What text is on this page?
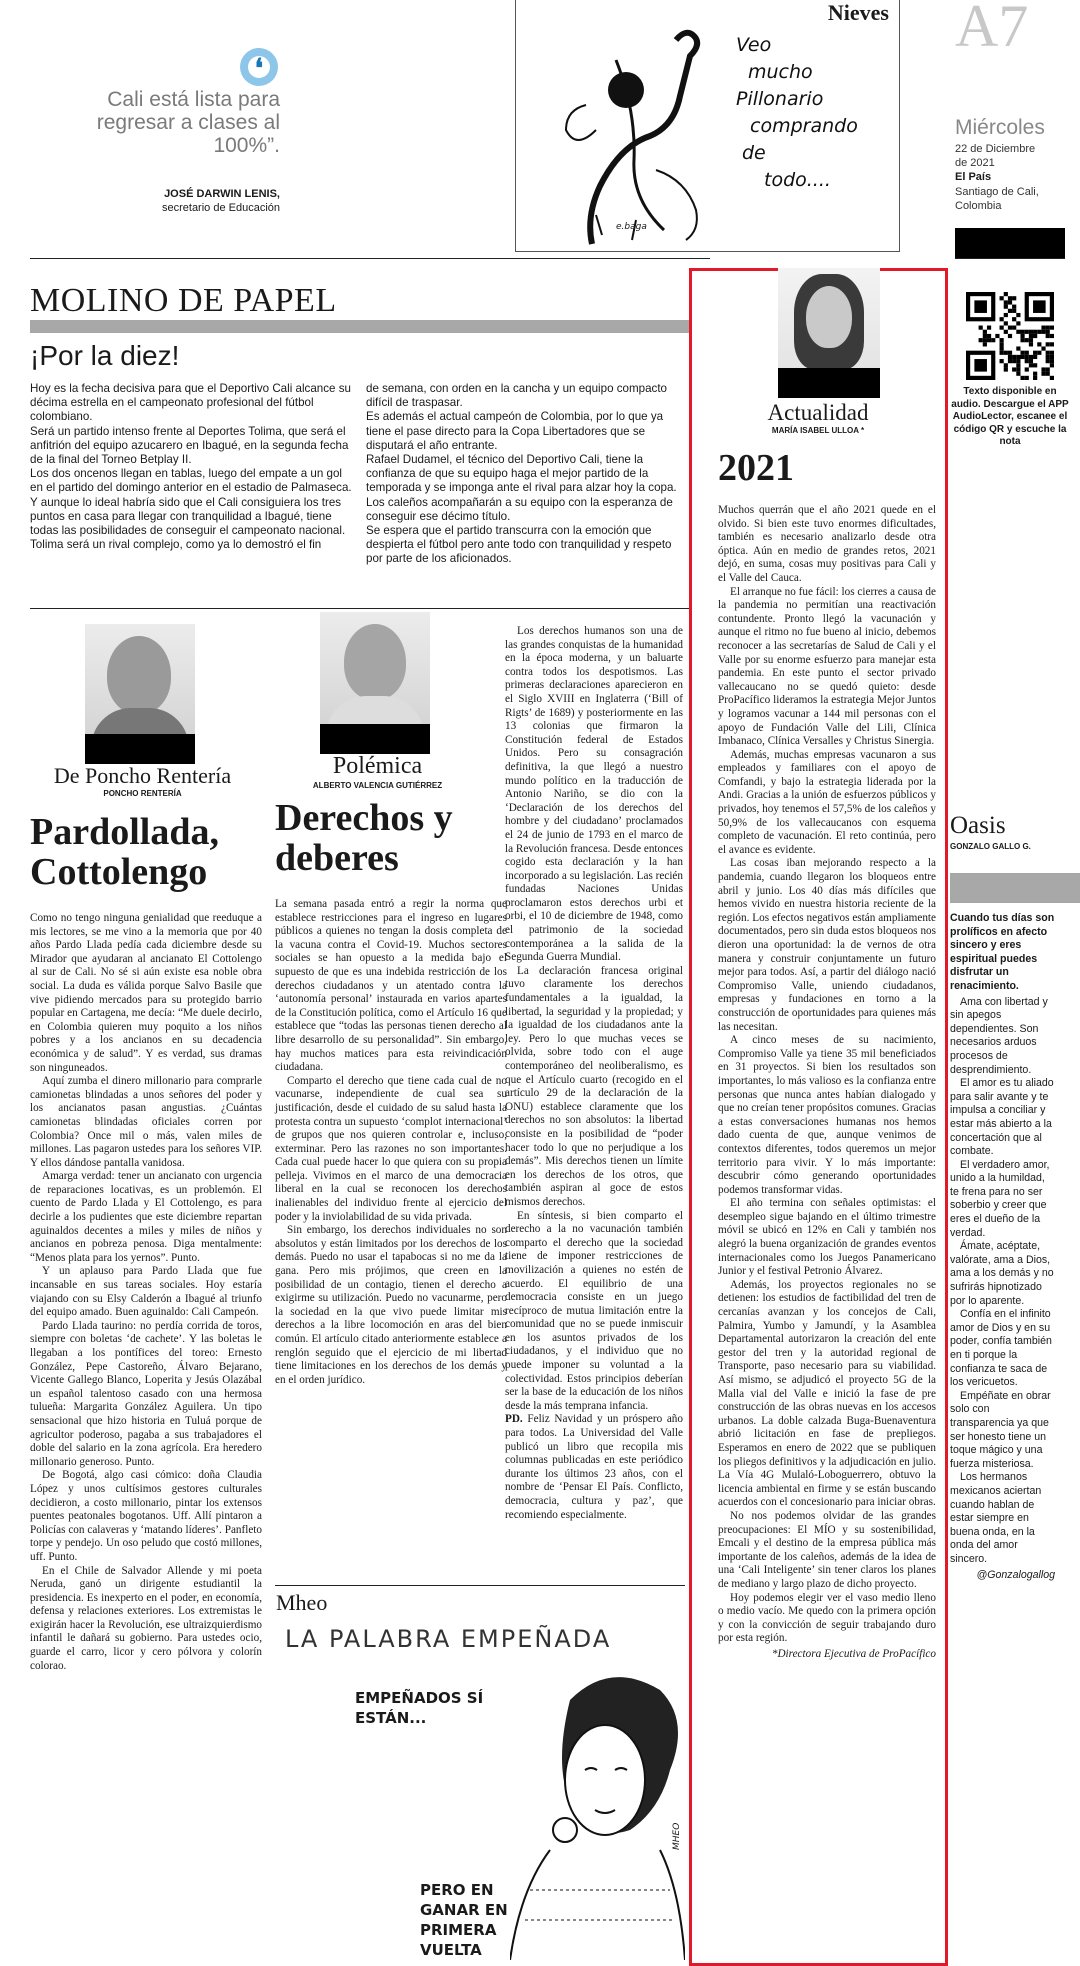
❛
Cali está lista para regresar a clases al 100%”.
JOSÉ DARWIN LENIS,
secretario de Educación
Nieves
Veo
mucho
Pillonario
comprando
de
todo....
e.baga
A7
Miércoles
22 de Diciembre
de 2021
El País
Santiago de Cali,
Colombia
Texto disponible en audio. Descargue el APP AudioLector, escanee el código QR y escuche la nota
MOLINO DE PAPEL
¡Por la diez!
Hoy es la fecha decisiva para que el Deportivo Cali alcance su décima estrella en el campeonato profesional del fútbol colombiano.
Será un partido intenso frente al Deportes Tolima, que será el anfitrión del equipo azucarero en Ibagué, en la segunda fecha de la final del Torneo Betplay II.
Los dos oncenos llegan en tablas, luego del empate a un gol en el partido del domingo anterior en el estadio de Palmaseca.
Y aunque lo ideal habría sido que el Cali consiguiera los tres puntos en casa para llegar con tranquilidad a Ibagué, tiene todas las posibilidades de conseguir el campeonato nacional.
Tolima será un rival complejo, como ya lo demostró el fin
de semana, con orden en la cancha y un equipo compacto difícil de traspasar.
Es además el actual campeón de Colombia, por lo que ya tiene el pase directo para la Copa Libertadores que se disputará el año entrante.
Rafael Dudamel, el técnico del Deportivo Cali, tiene la confianza de que su equipo haga el mejor partido de la temporada y se imponga ante el rival para alzar hoy la copa.
Los caleños acompañarán a su equipo con la esperanza de conseguir ese décimo título.
Se espera que el partido transcurra con la emoción que despierta el fútbol pero ante todo con tranquilidad y respeto por parte de los aficionados.
De Poncho Rentería
PONCHO RENTERÍA
Pardollada, Cottolengo

Como no tengo ninguna genialidad que reeduque a mis lectores, se me vino a la memoria que por 40 años Pardo Llada pedía cada diciembre desde su Mirador que ayudaran al ancianato El Cottolengo al sur de Cali. No sé si aún existe esa noble obra social. La duda es válida porque Salvo Basile que vive pidiendo mercados para su protegido barrio popular en Cartagena, me decía: “Me duele decirlo, en Colombia quieren muy poquito a los niños pobres y a los ancianos en su decadencia económica y de salud”. Y es verdad, sus dramas son ninguneados.

Aquí zumba el dinero millonario para comprarle camionetas blindadas a unos señores del poder y los ancianatos pasan angustias. ¿Cuántas camionetas blindadas oficiales corren por Colombia? Once mil o más, valen miles de millones. Las pagaron ustedes para los señores VIP. Y ellos dándose pantalla vanidosa.

Amarga verdad: tener un ancianato con urgencia de reparaciones locativas, es un problemón. El cuento de Pardo Llada y El Cottolengo, es para decirle a los pudientes que este diciembre repartan aguinaldos decentes a miles y miles de niños y ancianos en pobreza penosa. Diga mentalmente: “Menos plata para los yernos”. Punto.

Y un aplauso para Pardo Llada que fue incansable en sus tareas sociales. Hoy estaría viajando con su Elsy Calderón a Ibagué al triunfo del equipo amado. Buen aguinaldo: Cali Campeón.

Pardo Llada taurino: no perdía corrida de toros, siempre con boletas ‘de cachete’. Y las boletas le llegaban a los pontífices del toreo: Ernesto González, Pepe Castoreño, Álvaro Bejarano, Vicente Gallego Blanco, Loperita y Jesús Olazábal un español talentoso casado con una hermosa tulueña: Margarita González Aguilera. Un tipo sensacional que hizo historia en Tuluá porque de agricultor poderoso, pagaba a sus trabajadores el doble del salario en la zona agrícola. Era heredero millonario generoso. Punto.

De Bogotá, algo casi cómico: doña Claudia López y unos cultísimos gestores culturales decidieron, a costo millonario, pintar los extensos puentes peatonales bogotanos. Uff. Allí pintaron a Policías con calaveras y ‘matando líderes’. Panfleto torpe y pendejo. Un oso peludo que costó millones, uff. Punto.

En el Chile de Salvador Allende y mi poeta Neruda, ganó un dirigente estudiantil la presidencia. Es inexperto en el poder, en economía, defensa y relaciones exteriores. Los extremistas le exigirán hacer la Revolución, ese ultraizquierdismo infantil le dañará su gobierno. Para ustedes ocio, guarde el carro, licor y cero pólvora y colorín colorao.

Polémica
ALBERTO VALENCIA GUTIÉRREZ
Derechos y deberes

La semana pasada entró a regir la norma que establece restricciones para el ingreso en lugares públicos a quienes no tengan la dosis completa de la vacuna contra el Covid-19. Muchos sectores sociales se han opuesto a la medida bajo el supuesto de que es una indebida restricción de los derechos ciudadanos y un atentado contra la ‘autonomía personal’ instaurada en varios apartes de la Constitución política, como el Artículo 16 que establece que “todas las personas tienen derecho al libre desarrollo de su personalidad”. Sin embargo, hay muchos matices para esta reivindicación ciudadana.

Comparto el derecho que tiene cada cual de no vacunarse, independiente de cual sea su justificación, desde el cuidado de su salud hasta la protesta contra un supuesto ‘complot internacional’ de grupos que nos quieren controlar e, incluso, exterminar. Pero las razones no son importantes. Cada cual puede hacer lo que quiera con su propia pelleja. Vivimos en el marco de una democracia liberal en la cual se reconocen los derechos inalienables del individuo frente al ejercicio del poder y la inviolabilidad de su vida privada.

Sin embargo, los derechos individuales no son absolutos y están limitados por los derechos de los demás. Puedo no usar el tapabocas si no me da la gana. Pero mis prójimos, que creen en la posibilidad de un contagio, tienen el derecho a exigirme su utilización. Puedo no vacunarme, pero la sociedad en la que vivo puede limitar mis derechos a la libre locomoción en aras del bien común. El artículo citado anteriormente establece a renglón seguido que el ejercicio de mi libertad tiene limitaciones en los derechos de los demás y en el orden jurídico.

Los derechos humanos son una de las grandes conquistas de la humanidad en la época moderna, y un baluarte contra todos los despotismos. Las primeras declaraciones aparecieron en el Siglo XVIII en Inglaterra (‘Bill of Rigts’ de 1689) y posteriormente en las 13 colonias que firmaron la Constitución federal de Estados Unidos. Pero su consagración definitiva, la que llegó a nuestro mundo político en la traducción de Antonio Nariño, se dio con la ‘Declaración de los derechos del hombre y del ciudadano’ proclamados el 24 de junio de 1793 en el marco de la Revolución francesa. Desde entonces cogido esta declaración y la han incorporado a su legislación. Las recién fundadas Naciones Unidas proclamaron estos derechos urbi et orbi, el 10 de diciembre de 1948, como el patrimonio de la sociedad contemporánea a la salida de la Segunda Guerra Mundial.

La declaración francesa original tuvo claramente los derechos fundamentales a la igualdad, la libertad, la seguridad y la propiedad; y la igualdad de los ciudadanos ante la ley. Pero lo que muchas veces se olvida, sobre todo con el auge contemporáneo del neoliberalismo, es que el Artículo cuarto (recogido en el artículo 29 de la declaración de la ONU) establece claramente que los derechos no son absolutos: la libertad consiste en la posibilidad de “poder hacer todo lo que no perjudique a los demás”. Mis derechos tienen un límite en los derechos de los otros, que también aspiran al goce de estos mismos derechos.

En síntesis, si bien comparto el derecho a la no vacunación también comparto el derecho que la sociedad tiene de imponer restricciones de movilización a quienes no estén de acuerdo. El equilibrio de una democracia consiste en un juego recíproco de mutua limitación entre la comunidad que no se puede inmiscuir en los asuntos privados de los ciudadanos, y el individuo que no puede imponer su voluntad a la colectividad. Estos principios deberían ser la base de la educación de los niños desde la más temprana infancia.

PD. Feliz Navidad y un próspero año para todos. La Universidad del Valle publicó un libro que recopila mis columnas publicadas en este periódico durante los últimos 23 años, con el nombre de ‘Pensar El País. Conflicto, democracia, cultura y paz’, que recomiendo especialmente.

Mheo
LA PALABRA EMPEÑADA
EMPEÑADOS SÍ ESTÁN...
PERO EN GANAR EN PRIMERA VUELTA
MHEO
Actualidad
MARÍA ISABEL ULLOA *
2021

Muchos querrán que el año 2021 quede en el olvido. Si bien este tuvo enormes dificultades, también es necesario analizarlo desde otra óptica. Aún en medio de grandes retos, 2021 dejó, en suma, cosas muy positivas para Cali y el Valle del Cauca.

El arranque no fue fácil: los cierres a causa de la pandemia no permitían una reactivación contundente. Pronto llegó la vacunación y aunque el ritmo no fue bueno al inicio, debemos reconocer a las secretarías de Salud de Cali y el Valle por su enorme esfuerzo para manejar esta pandemia. En este punto el sector privado vallecaucano no se quedó quieto: desde ProPacífico lideramos la estrategia Mejor Juntos y logramos vacunar a 144 mil personas con el apoyo de Fundación Valle del Lili, Clínica Imbanaco, Clínica Versalles y Christus Sinergia.

Además, muchas empresas vacunaron a sus empleados y familiares con el apoyo de Comfandi, y bajo la estrategia liderada por la Andi. Gracias a la unión de esfuerzos públicos y privados, hoy tenemos el 57,5% de los caleños y 50,9% de los vallecaucanos con esquema completo de vacunación. El reto continúa, pero el avance es evidente.

Las cosas iban mejorando respecto a la pandemia, cuando llegaron los bloqueos entre abril y junio. Los 40 días más difíciles que hemos vivido en nuestra historia reciente de la región. Los efectos negativos están ampliamente documentados, pero sin duda estos bloqueos nos dieron una oportunidad: la de vernos de otra manera y construir conjuntamente un futuro mejor para todos. Así, a partir del diálogo nació Compromiso Valle, uniendo ciudadanos, empresas y fundaciones en torno a la construcción de oportunidades para quienes más las necesitan.

A cinco meses de su nacimiento, Compromiso Valle ya tiene 35 mil beneficiados en 31 proyectos. Si bien los resultados son importantes, lo más valioso es la confianza entre personas que nunca antes habían dialogado y que no creían tener propósitos comunes. Gracias a estas conversaciones humanas nos hemos dado cuenta de que, aunque venimos de contextos diferentes, todos queremos un mejor territorio para vivir. Y lo más importante: descubrir cómo generando oportunidades podemos transformar vidas.

El año termina con señales optimistas: el desempleo sigue bajando en el último trimestre móvil se ubicó en 12% en Cali y también nos alegró la buena organización de grandes eventos internacionales como los Juegos Panamericano Junior y el festival Petronio Álvarez.

Además, los proyectos regionales no se detienen: los estudios de factibilidad del tren de cercanías avanzan y los concejos de Cali, Palmira, Yumbo y Jamundí, y la Asamblea Departamental autorizaron la creación del ente gestor del tren y la autoridad regional de Transporte, paso necesario para su viabilidad. Así mismo, se adjudicó el proyecto 5G de la Malla vial del Valle e inició la fase de pre construcción de las obras nuevas en los accesos urbanos. La doble calzada Buga-Buenaventura abrió licitación en fase de prepliegos. Esperamos en enero de 2022 que se publiquen los pliegos definitivos y la adjudicación en julio. La Vía 4G Mulaló-Loboguerrero, obtuvo la licencia ambiental en firme y se están buscando acuerdos con el concesionario para iniciar obras.

No nos podemos olvidar de las grandes preocupaciones: El MÍO y su sostenibilidad, Emcali y el destino de la empresa pública más importante de los caleños, además de la idea de una ‘Cali Inteligente’ sin tener claros los planes de mediano y largo plazo de dicho proyecto.

Hoy podemos elegir ver el vaso medio lleno o medio vacío. Me quedo con la primera opción y con la convicción de seguir trabajando duro por esta región.

*Directora Ejecutiva de ProPacífico
Oasis
GONZALO GALLO G.
Cuando tus días son prolíficos en afecto sincero y eres espiritual puedes disfrutar un renacimiento.
Ama con libertad y sin apegos dependientes. Son necesarios arduos procesos de desprendimiento.
El amor es tu aliado para salir avante y te impulsa a conciliar y estar más abierto a la concertación que al combate.
El verdadero amor, unido a la humildad, te frena para no ser soberbio y creer que eres el dueño de la verdad.
Ámate, acéptate, valórate, ama a Dios, ama a los demás y no sufrirás hipnotizado por lo aparente.
Confía en el infinito amor de Dios y en su poder, confía también en ti porque la confianza te saca de los vericuetos.
Empéñate en obrar solo con transparencia ya que ser honesto tiene un toque mágico y una fuerza misteriosa.
Los hermanos mexicanos aciertan cuando hablan de estar siempre en buena onda, en la onda del amor sincero.
@Gonzalogallog
